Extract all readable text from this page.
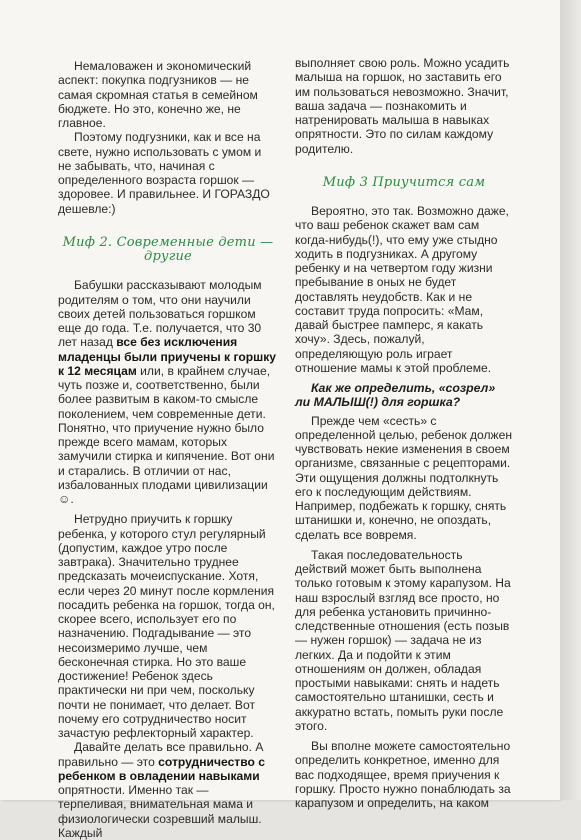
Немаловажен и экономический аспект: покупка подгузников — не самая скромная статья в семейном бюджете. Но это, конечно же, не главное.

Поэтому подгузники, как и все на свете, нужно использовать с умом и не забывать, что, начиная с определенного возраста горшок — здоровее. И правильнее. И ГОРАЗДО дешевле:)

Миф 2. Современные дети — другие

Бабушки рассказывают молодым родителям о том, что они научили своих детей пользоваться горшком еще до года. Т.е. получается, что 30 лет назад все без исключения младенцы были приучены к горшку к 12 месяцам или, в крайнем случае, чуть позже и, соответственно, были более развитым в каком-то смысле поколением, чем современные дети. Понятно, что приучение нужно было прежде всего мамам, которых замучили стирка и кипячение. Вот они и старались. В отличии от нас, избалованных плодами цивилизации ☺.

Нетрудно приучить к горшку ребенка, у которого стул регулярный (допустим, каждое утро после завтрака). Значительно труднее предсказать мочеиспускание. Хотя, если через 20 минут после кормления посадить ребенка на горшок, тогда он, скорее всего, использует его по назначению. Подгадывание — это несоизмеримо лучше, чем бесконечная стирка. Но это ваше достижение! Ребенок здесь практически ни при чем, поскольку почти не понимает, что делает. Вот почему его сотрудничество носит зачастую рефлекторный характер.

Давайте делать все правильно. А правильно — это сотрудничество с ребенком в овладении навыками опрятности. Именно так — терпеливая, внимательная мама и физиологически созревший малыш. Каждый

выполняет свою роль. Можно усадить малыша на горшок, но заставить его им пользоваться невозможно. Значит, ваша задача — познакомить и натренировать малыша в навыках опрятности. Это по силам каждому родителю.

Миф 3 Приучится сам

Вероятно, это так. Возможно даже, что ваш ребенок скажет вам сам когда-нибудь(!), что ему уже стыдно ходить в подгузниках. А другому ребенку и на четвертом году жизни пребывание в оных не будет доставлять неудобств. Как и не составит труда попросить: «Мам, давай быстрее памперс, я какать хочу». Здесь, пожалуй, определяющую роль играет отношение мамы к этой проблеме.

Как же определить, «созрел» ли МАЛЫШ(!) для горшка?

Прежде чем «сесть» с определенной целью, ребенок должен чувствовать некие изменения в своем организме, связанные с рецепторами. Эти ощущения должны подтолкнуть его к последующим действиям. Например, подбежать к горшку, снять штанишки и, конечно, не опоздать, сделать все вовремя.

Такая последовательность действий может быть выполнена только готовым к этому карапузом. На наш взрослый взгляд все просто, но для ребенка установить причинно-следственные отношения (есть позыв — нужен горшок) — задача не из легких. Да и подойти к этим отношениям он должен, обладая простыми навыками: снять и надеть самостоятельно штанишки, сесть и аккуратно встать, помыть руки после этого.

Вы вполне можете самостоятельно определить конкретное, именно для вас подходящее, время приучения к горшку. Просто нужно понаблюдать за карапузом и определить, на каком
